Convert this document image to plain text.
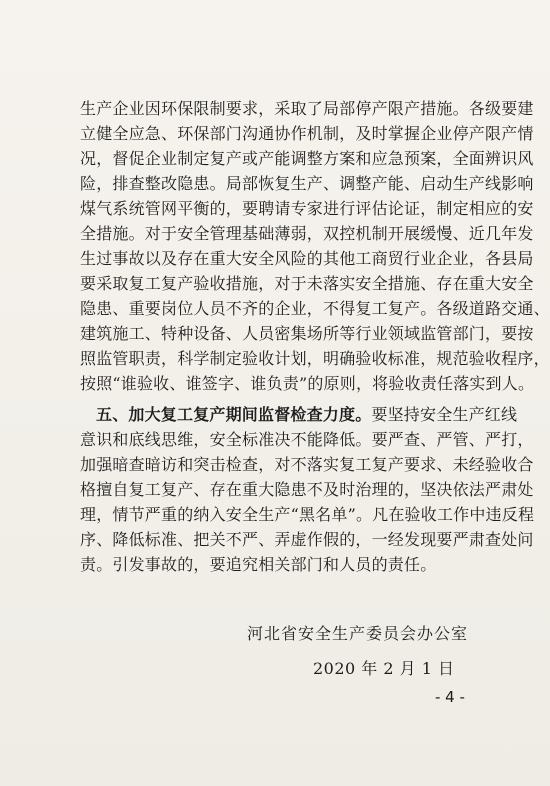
生产企业因环保限制要求，采取了局部停产限产措施。各级要建
立健全应急、环保部门沟通协作机制，及时掌握企业停产限产情
况，督促企业制定复产或产能调整方案和应急预案，全面辨识风
险，排查整改隐患。局部恢复生产、调整产能、启动生产线影响
煤气系统管网平衡的，要聘请专家进行评估论证，制定相应的安
全措施。对于安全管理基础薄弱，双控机制开展缓慢、近几年发
生过事故以及存在重大安全风险的其他工商贸行业企业，各县局
要采取复工复产验收措施，对于未落实安全措施、存在重大安全
隐患、重要岗位人员不齐的企业，不得复工复产。各级道路交通、
建筑施工、特种设备、人员密集场所等行业领域监管部门，要按
照监管职责，科学制定验收计划，明确验收标准，规范验收程序，
按照“谁验收、谁签字、谁负责”的原则，将验收责任落实到人。
五、加大复工复产期间监督检查力度。要坚持安全生产红线
意识和底线思维，安全标准决不能降低。要严查、严管、严打，
加强暗查暗访和突击检查，对不落实复工复产要求、未经验收合
格擅自复工复产、存在重大隐患不及时治理的，坚决依法严肃处
理，情节严重的纳入安全生产“黑名单”。凡在验收工作中违反程
序、降低标准、把关不严、弄虚作假的，一经发现要严肃查处问
责。引发事故的，要追究相关部门和人员的责任。
河北省安全生产委员会办公室
2020 年 2 月 1 日
- 4 -
